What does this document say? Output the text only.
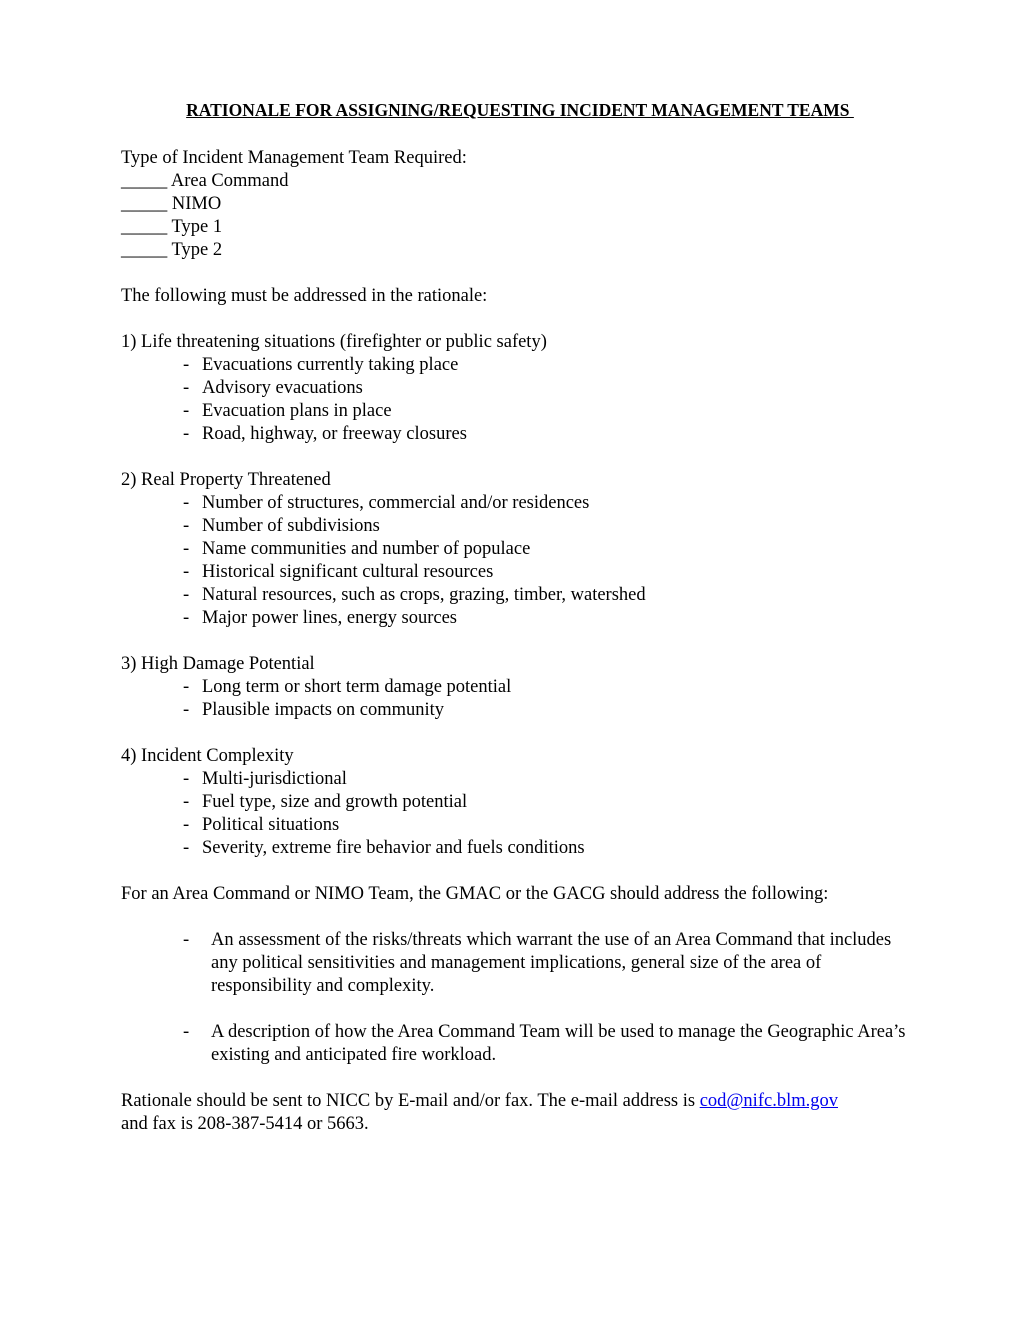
RATIONALE FOR ASSIGNING/REQUESTING INCIDENT MANAGEMENT TEAMS
Type of Incident Management Team Required:
_____ Area Command
_____ NIMO
_____ Type 1
_____ Type 2
The following must be addressed in the rationale:
1) Life threatening situations (firefighter or public safety)
- Evacuations currently taking place
- Advisory evacuations
- Evacuation plans in place
- Road, highway, or freeway closures
2) Real Property Threatened
- Number of structures, commercial and/or residences
- Number of subdivisions
- Name communities and number of populace
- Historical significant cultural resources
- Natural resources, such as crops, grazing, timber, watershed
- Major power lines, energy sources
3) High Damage Potential
- Long term or short term damage potential
- Plausible impacts on community
4) Incident Complexity
- Multi-jurisdictional
- Fuel type, size and growth potential
- Political situations
- Severity, extreme fire behavior and fuels conditions
For an Area Command or NIMO Team, the GMAC or the GACG should address the following:
- An assessment of the risks/threats which warrant the use of an Area Command that includes any political sensitivities and management implications, general size of the area of responsibility and complexity.
- A description of how the Area Command Team will be used to manage the Geographic Area’s existing and anticipated fire workload.
Rationale should be sent to NICC by E-mail and/or fax. The e-mail address is cod@nifc.blm.gov
and fax is 208-387-5414 or 5663.
